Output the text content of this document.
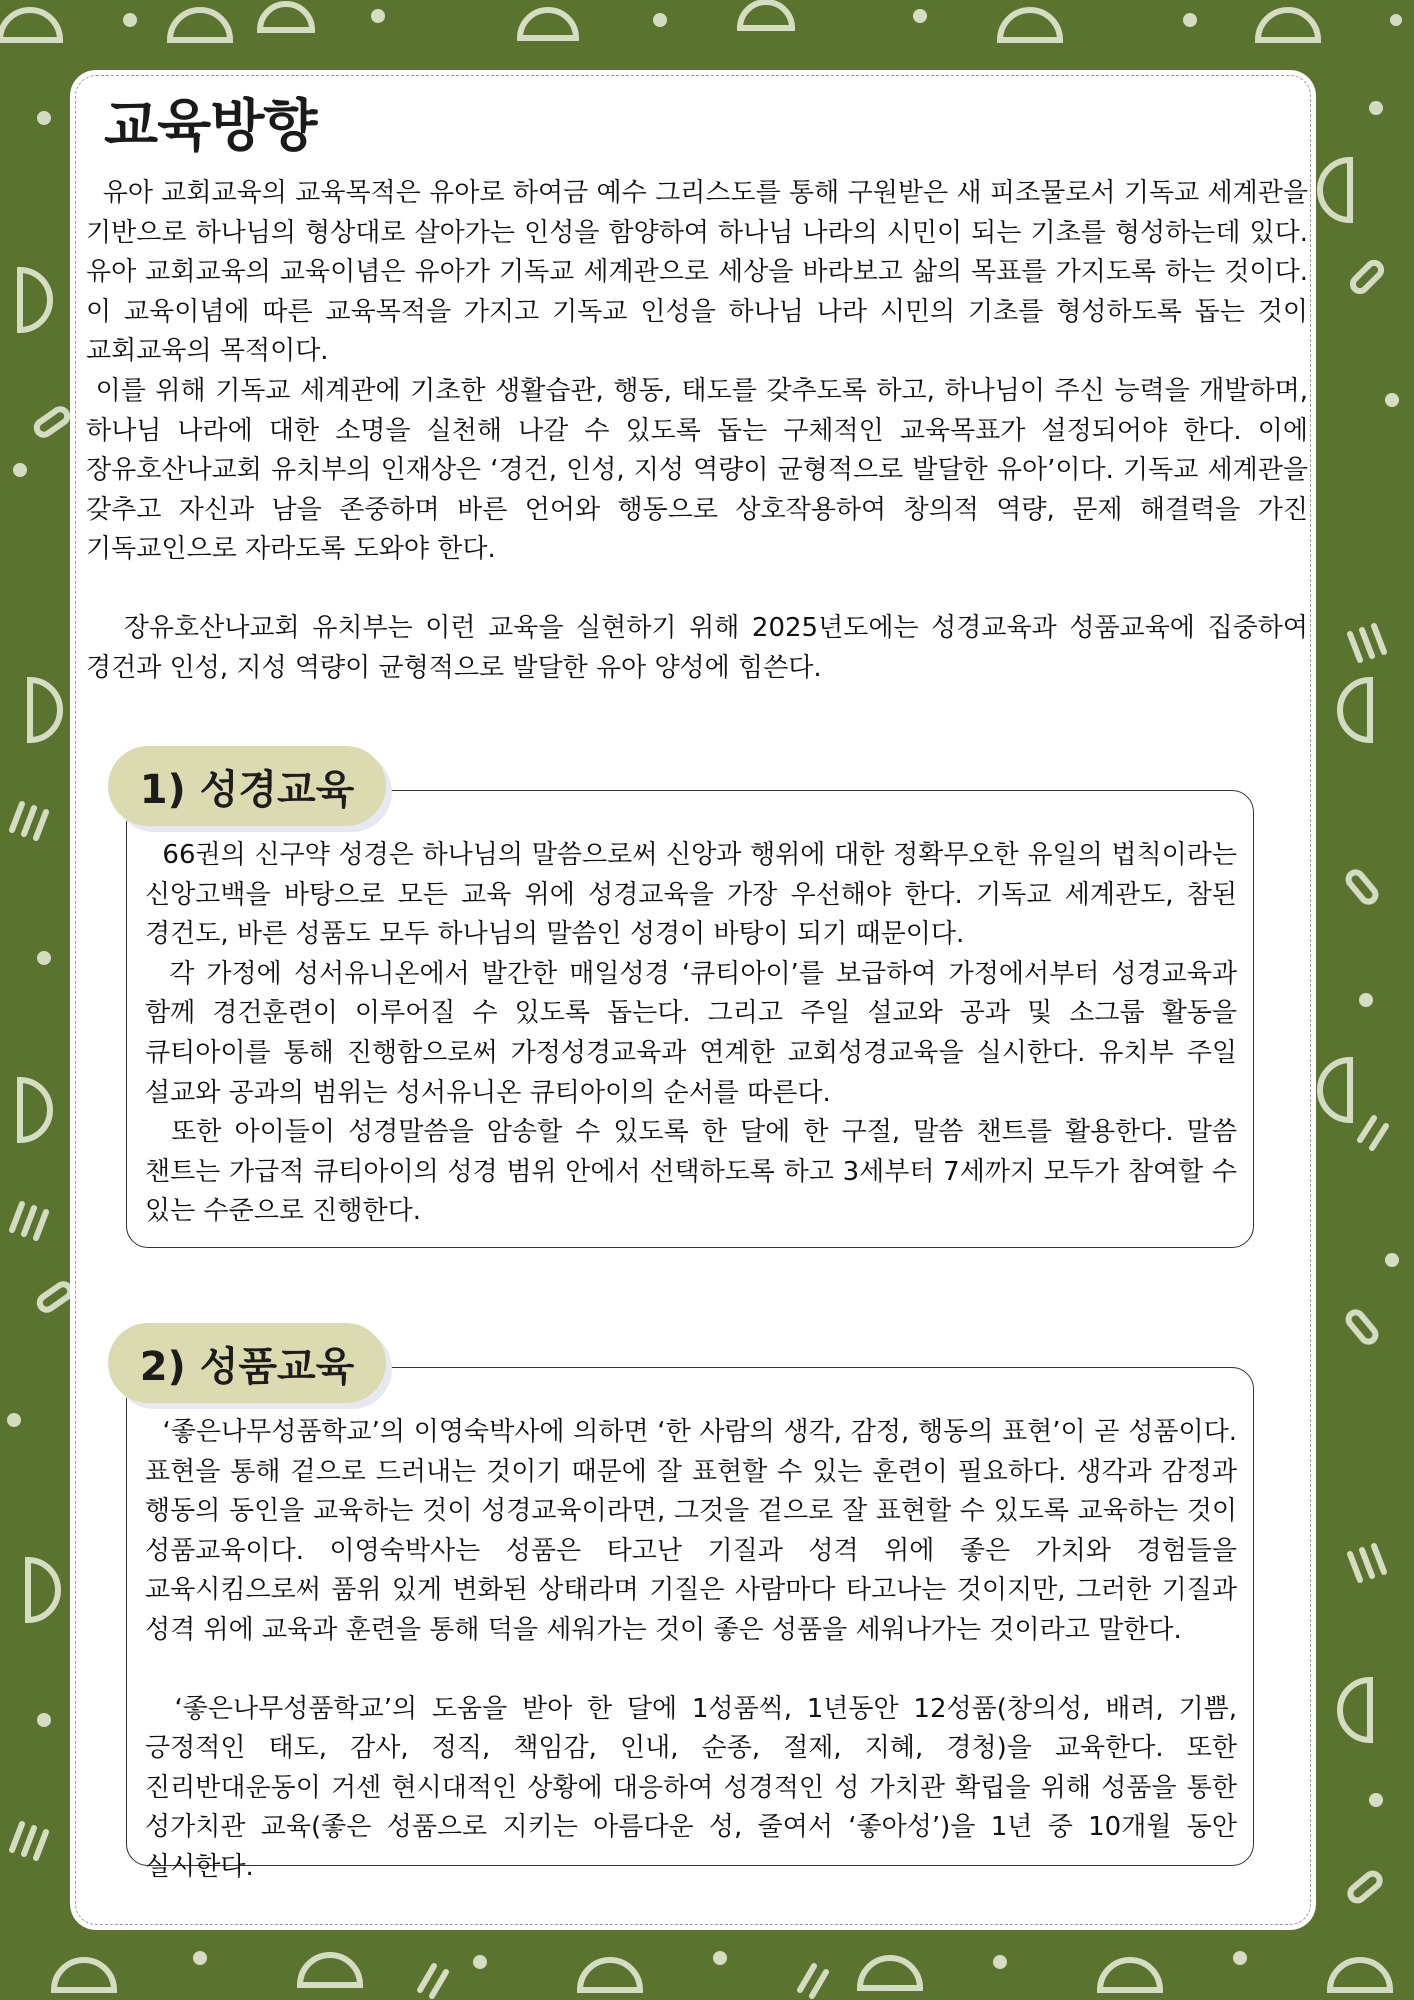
교육방향

유아 교회교육의 교육목적은 유아로 하여금 예수 그리스도를 통해 구원받은 새 피조물로서 기독교 세계관을 기반으로 하나님의 형상대로 살아가는 인성을 함양하여 하나님 나라의 시민이 되는 기초를 형성하는데 있다. 유아 교회교육의 교육이념은 유아가 기독교 세계관으로 세상을 바라보고 삶의 목표를 가지도록 하는 것이다. 이 교육이념에 따른 교육목적을 가지고 기독교 인성을 하나님 나라 시민의 기초를 형성하도록 돕는 것이 교회교육의 목적이다.

이를 위해 기독교 세계관에 기초한 생활습관, 행동, 태도를 갖추도록 하고, 하나님이 주신 능력을 개발하며, 하나님 나라에 대한 소명을 실천해 나갈 수 있도록 돕는 구체적인 교육목표가 설정되어야 한다. 이에 장유호산나교회 유치부의 인재상은 ‘경건, 인성, 지성 역량이 균형적으로 발달한 유아’이다. 기독교 세계관을 갖추고 자신과 남을 존중하며 바른 언어와 행동으로 상호작용하여 창의적 역량, 문제 해결력을 가진 기독교인으로 자라도록 도와야 한다.

장유호산나교회 유치부는 이런 교육을 실현하기 위해 2025년도에는 성경교육과 성품교육에 집중하여 경건과 인성, 지성 역량이 균형적으로 발달한 유아 양성에 힘쓴다.

66권의 신구약 성경은 하나님의 말씀으로써 신앙과 행위에 대한 정확무오한 유일의 법칙이라는 신앙고백을 바탕으로 모든 교육 위에 성경교육을 가장 우선해야 한다. 기독교 세계관도, 참된 경건도, 바른 성품도 모두 하나님의 말씀인 성경이 바탕이 되기 때문이다.

각 가정에 성서유니온에서 발간한 매일성경 ‘큐티아이’를 보급하여 가정에서부터 성경교육과 함께 경건훈련이 이루어질 수 있도록 돕는다. 그리고 주일 설교와 공과 및 소그룹 활동을 큐티아이를 통해 진행함으로써 가정성경교육과 연계한 교회성경교육을 실시한다. 유치부 주일 설교와 공과의 범위는 성서유니온 큐티아이의 순서를 따른다.

또한 아이들이 성경말씀을 암송할 수 있도록 한 달에 한 구절, 말씀 챈트를 활용한다. 말씀 챈트는 가급적 큐티아이의 성경 범위 안에서 선택하도록 하고 3세부터 7세까지 모두가 참여할 수 있는 수준으로 진행한다.

1) 성경교육

‘좋은나무성품학교’의 이영숙박사에 의하면 ‘한 사람의 생각, 감정, 행동의 표현’이 곧 성품이다. 표현을 통해 겉으로 드러내는 것이기 때문에 잘 표현할 수 있는 훈련이 필요하다. 생각과 감정과 행동의 동인을 교육하는 것이 성경교육이라면, 그것을 겉으로 잘 표현할 수 있도록 교육하는 것이 성품교육이다. 이영숙박사는 성품은 타고난 기질과 성격 위에 좋은 가치와 경험들을 교육시킴으로써 품위 있게 변화된 상태라며 기질은 사람마다 타고나는 것이지만, 그러한 기질과 성격 위에 교육과 훈련을 통해 덕을 세워가는 것이 좋은 성품을 세워나가는 것이라고 말한다.

‘좋은나무성품학교’의 도움을 받아 한 달에 1성품씩, 1년동안 12성품(창의성, 배려, 기쁨, 긍정적인 태도, 감사, 정직, 책임감, 인내, 순종, 절제, 지혜, 경청)을 교육한다. 또한 진리반대운동이 거센 현시대적인 상황에 대응하여 성경적인 성 가치관 확립을 위해 성품을 통한 성가치관 교육(좋은 성품으로 지키는 아름다운 성, 줄여서 ‘좋아성’)을 1년 중 10개월 동안 실시한다.

2) 성품교육
